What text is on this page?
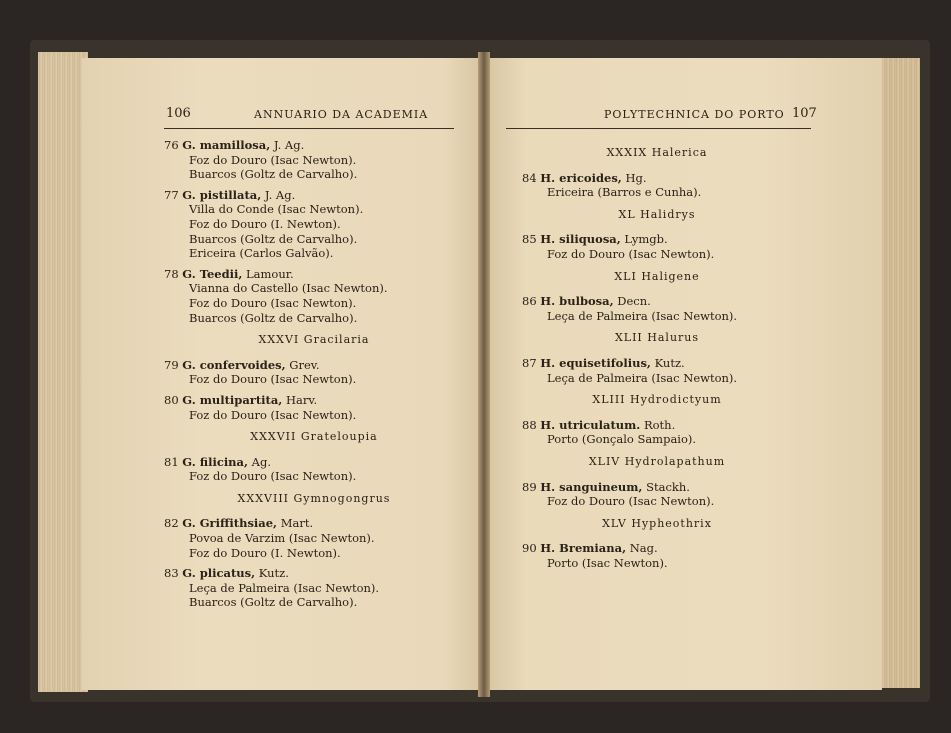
106	ANNUARIO DA ACADEMIA
76 G. mamillosa, J. Ag.
Foz do Douro (Isac Newton).
Buarcos (Goltz de Carvalho).
77 G. pistillata, J. Ag.
Villa do Conde (Isac Newton).
Foz do Douro (I. Newton).
Buarcos (Goltz de Carvalho).
Ericeira (Carlos Galvão).
78 G. Teedii, Lamour.
Vianna do Castello (Isac Newton).
Foz do Douro (Isac Newton).
Buarcos (Goltz de Carvalho).
XXXVI Gracilaria
79 G. confervoides, Grev.
Foz do Douro (Isac Newton).
80 G. multipartita, Harv.
Foz do Douro (Isac Newton).
XXXVII Grateloupia
81 G. filicina, Ag.
Foz do Douro (Isac Newton).
XXXVIII Gymnogongrus
82 G. Griffithsiae, Mart.
Povoa de Varzim (Isac Newton).
Foz do Douro (I. Newton).
83 G. plicatus, Kutz.
Leça de Palmeira (Isac Newton).
Buarcos (Goltz de Carvalho).
POLYTECHNICA DO PORTO 107
XXXIX Halerica
84 H. ericoides, Hg.
Ericeira (Barros e Cunha).
XL Halidrys
85 H. siliquosa, Lymgb.
Foz do Douro (Isac Newton).
XLI Haligene
86 H. bulbosa, Decn.
Leça de Palmeira (Isac Newton).
XLII Halurus
87 H. equisetifolius, Kutz.
Leça de Palmeira (Isac Newton).
XLIII Hydrodictyum
88 H. utriculatum. Roth.
Porto (Gonçalo Sampaio).
XLIV Hydrolapathum
89 H. sanguineum, Stackh.
Foz do Douro (Isac Newton).
XLV Hypheothrix
90 H. Bremiana, Nag.
Porto (Isac Newton).
